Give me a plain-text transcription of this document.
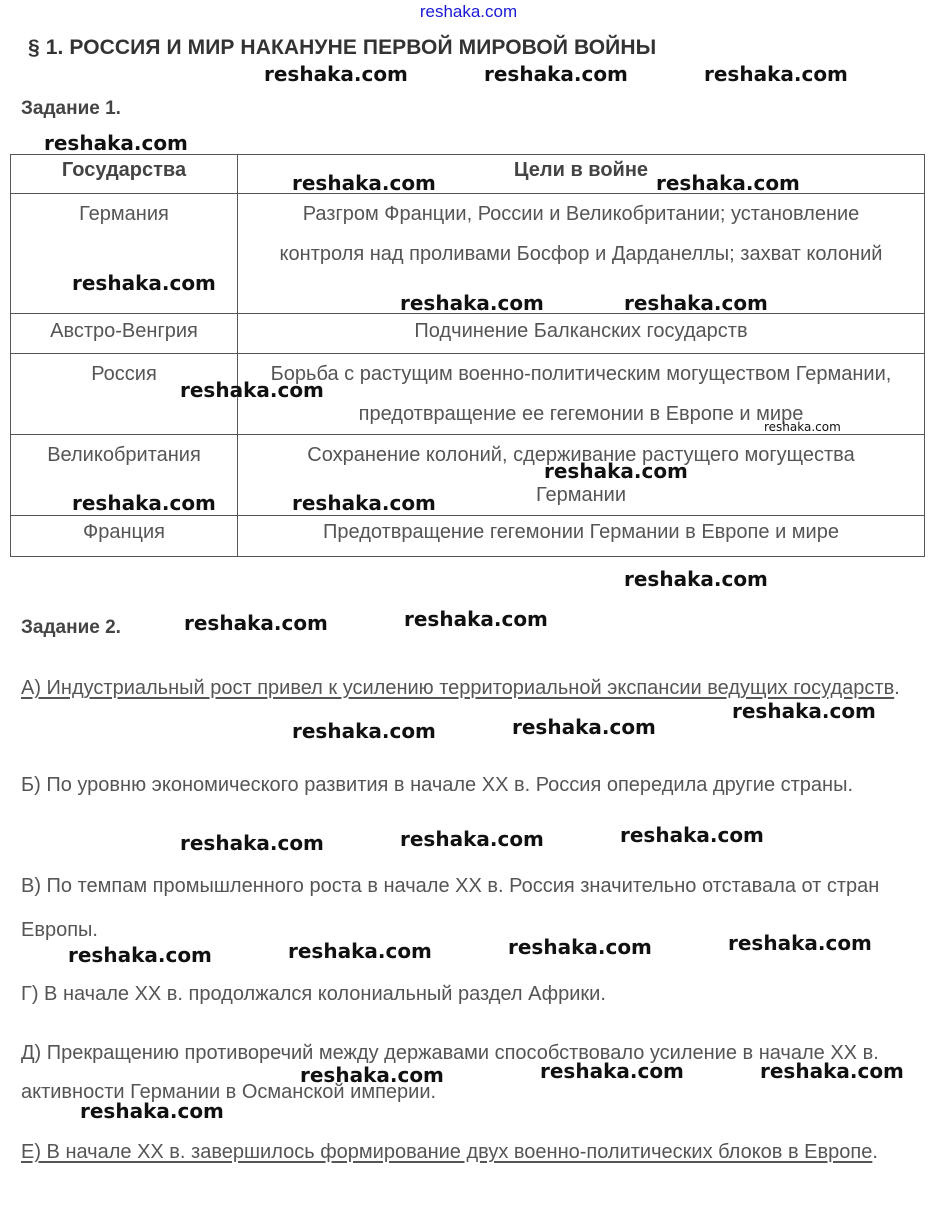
reshaka.com
§ 1. РОССИЯ И МИР НАКАНУНЕ ПЕРВОЙ МИРОВОЙ ВОЙНЫ
Задание 1.
Государства	Цели в войне
Германия	Разгром Франции, России и Великобритании; установление контроля над проливами Босфор и Дарданеллы; захват колоний
Австро-Венгрия	Подчинение Балканских государств
Россия	Борьба с растущим военно-политическим могуществом Германии, предотвращение ее гегемонии в Европе и мире
Великобритания	Сохранение колоний, сдерживание растущего могущества Германии
Франция	Предотвращение гегемонии Германии в Европе и мире
Задание 2.
А) Индустриальный рост привел к усилению территориальной экспансии ведущих государств.
Б) По уровню экономического развития в начале XX в. Россия опередила другие страны.
В) По темпам промышленного роста в начале XX в. Россия значительно отставала от стран Европы.
Г) В начале XX в. продолжался колониальный раздел Африки.
Д) Прекращению противоречий между державами способствовало усиление в начале XX в. активности Германии в Османской империи.
Е) В начале XX в. завершилось формирование двух военно-политических блоков в Европе.
reshaka.com	reshaka.com	reshaka.com
reshaka.com
reshaka.com	reshaka.com
reshaka.com
reshaka.com	reshaka.com
reshaka.com
reshaka.com
reshaka.com
reshaka.com	reshaka.com
reshaka.com
reshaka.com	reshaka.com
reshaka.com
reshaka.com	reshaka.com
reshaka.com	reshaka.com	reshaka.com
reshaka.com	reshaka.com	reshaka.com	reshaka.com
reshaka.com	reshaka.com	reshaka.com
reshaka.com
